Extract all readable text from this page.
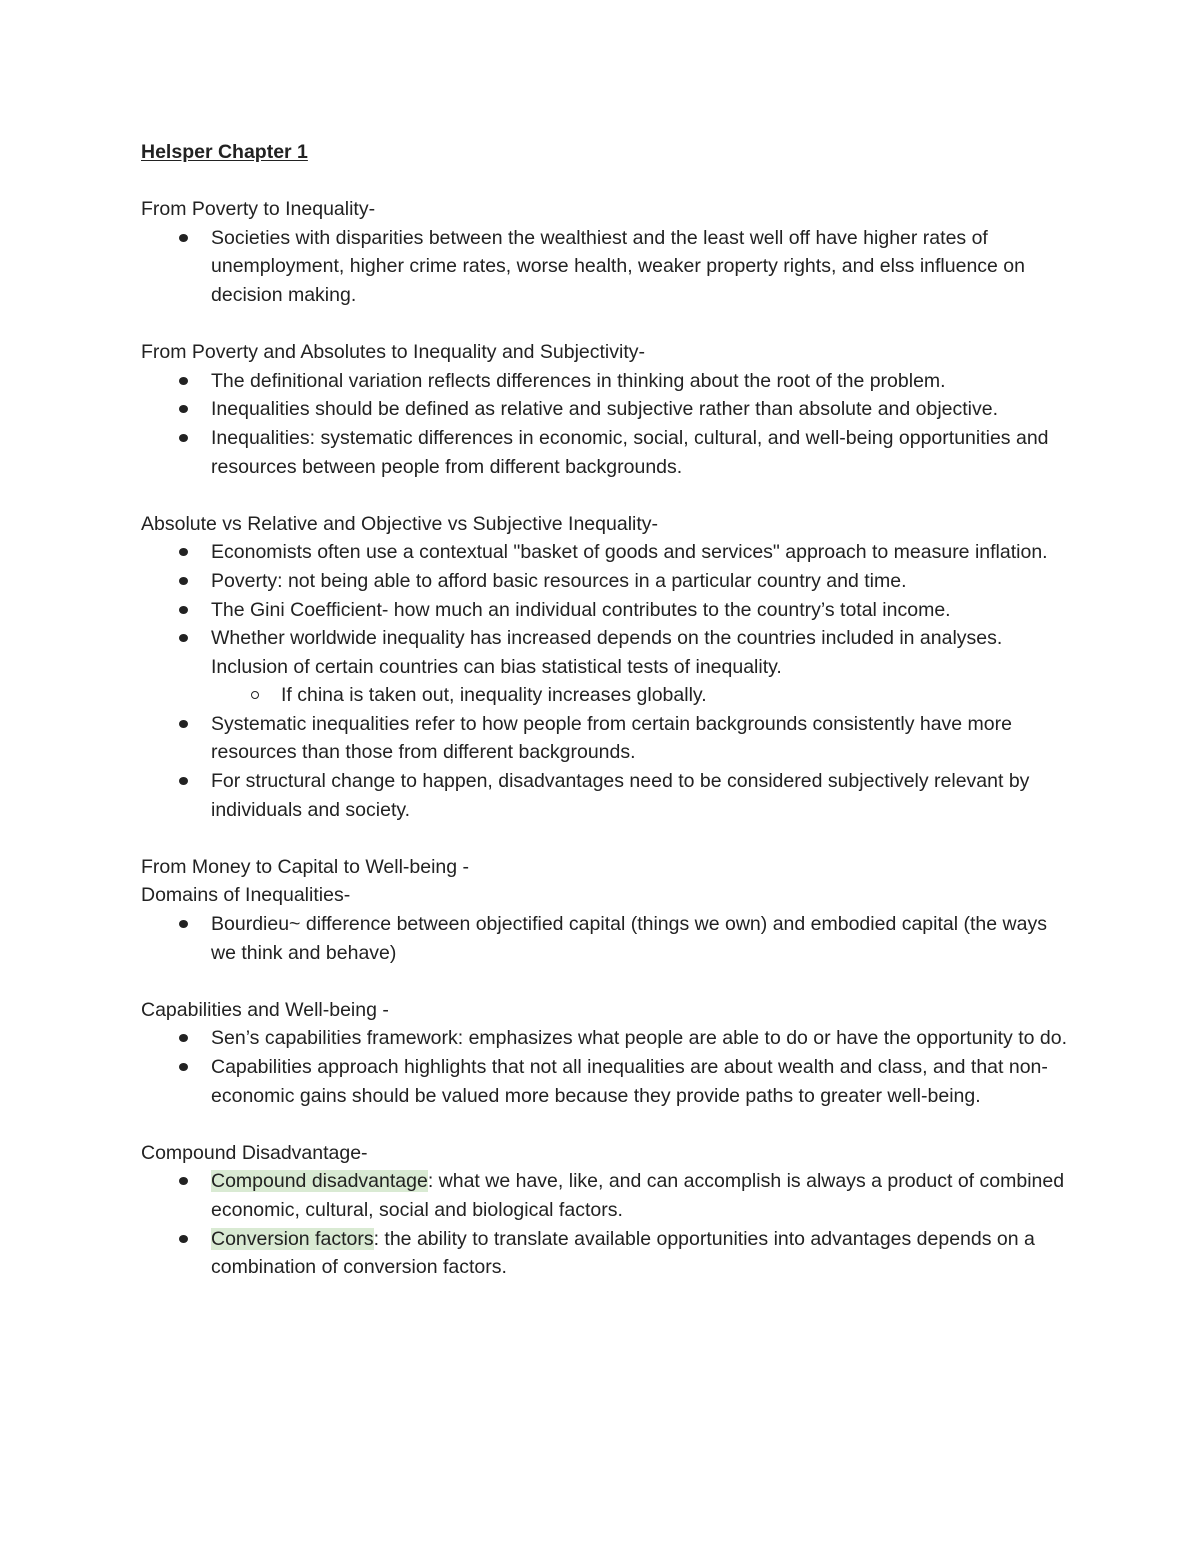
Helsper Chapter 1

From Poverty to Inequality-

Societies with disparities between the wealthiest and the least well off have higher rates of unemployment, higher crime rates, worse health, weaker property rights, and elss influence on decision making.

From Poverty and Absolutes to Inequality and Subjectivity-

The definitional variation reflects differences in thinking about the root of the problem.
Inequalities should be defined as relative and subjective rather than absolute and objective.
Inequalities: systematic differences in economic, social, cultural, and well-being opportunities and resources between people from different backgrounds.

Absolute vs Relative and Objective vs Subjective Inequality-

Economists often use a contextual "basket of goods and services" approach to measure inflation.
Poverty: not being able to afford basic resources in a particular country and time.
The Gini Coefficient- how much an individual contributes to the country’s total income.
Whether worldwide inequality has increased depends on the countries included in analyses. Inclusion of certain countries can bias statistical tests of inequality.
If china is taken out, inequality increases globally.
Systematic inequalities refer to how people from certain backgrounds consistently have more resources than those from different backgrounds.
For structural change to happen, disadvantages need to be considered subjectively relevant by individuals and society.

From Money to Capital to Well-being -

Domains of Inequalities-

Bourdieu~ difference between objectified capital (things we own) and embodied capital (the ways we think and behave)

Capabilities and Well-being -

Sen’s capabilities framework: emphasizes what people are able to do or have the opportunity to do.
Capabilities approach highlights that not all inequalities are about wealth and class, and that non-economic gains should be valued more because they provide paths to greater well-being.

Compound Disadvantage-

Compound disadvantage: what we have, like, and can accomplish is always a product of combined economic, cultural, social and biological factors.
Conversion factors: the ability to translate available opportunities into advantages depends on a combination of conversion factors.
